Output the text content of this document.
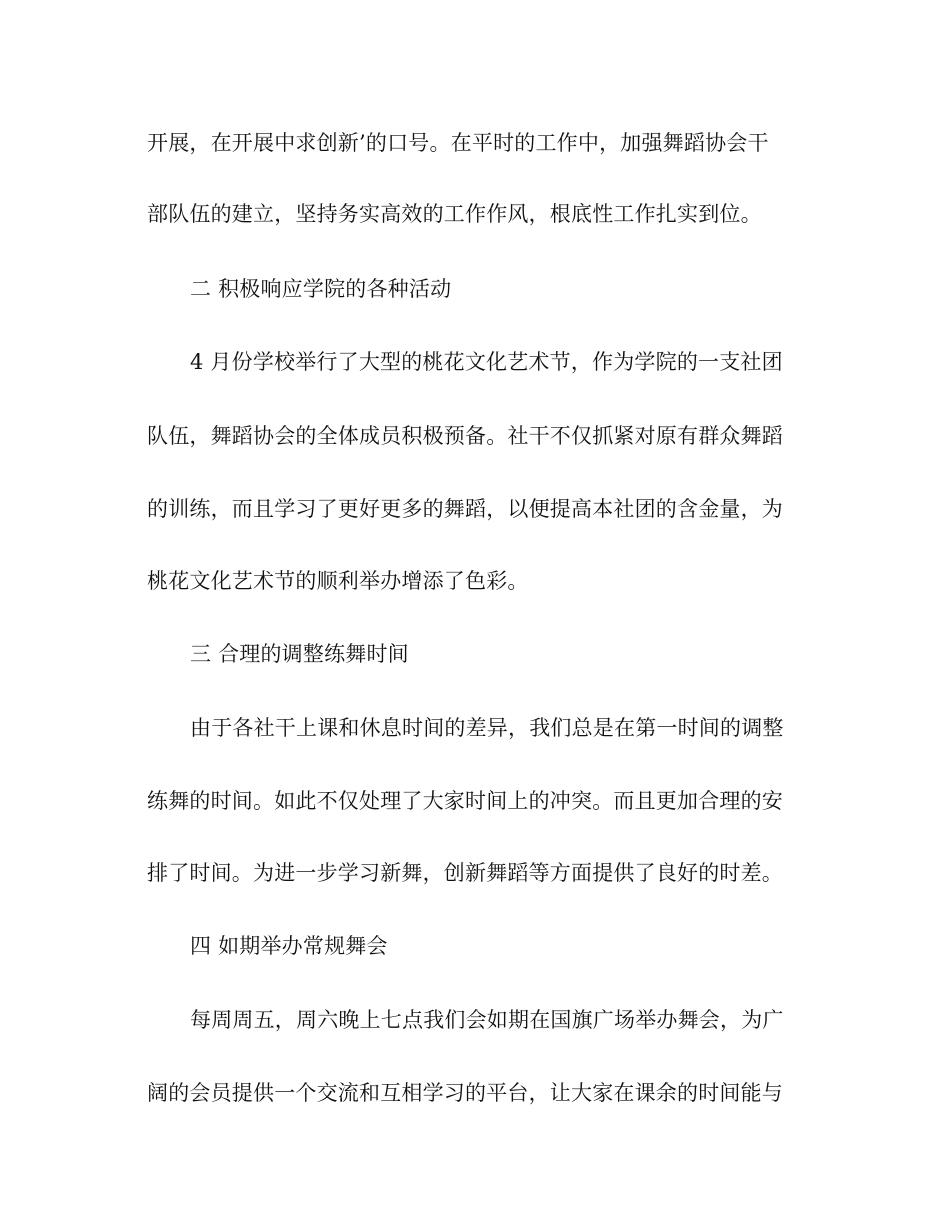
开展，在开展中求创新’的口号。在平时的工作中，加强舞蹈协会干
部队伍的建立，坚持务实高效的工作作风，根底性工作扎实到位。
二 积极响应学院的各种活动
4 月份学校举行了大型的桃花文化艺术节，作为学院的一支社团
队伍，舞蹈协会的全体成员积极预备。社干不仅抓紧对原有群众舞蹈
的训练，而且学习了更好更多的舞蹈，以便提高本社团的含金量，为
桃花文化艺术节的顺利举办增添了色彩。
三 合理的调整练舞时间
由于各社干上课和休息时间的差异，我们总是在第一时间的调整
练舞的时间。如此不仅处理了大家时间上的冲突。而且更加合理的安
排了时间。为进一步学习新舞，创新舞蹈等方面提供了良好的时差。
四 如期举办常规舞会
每周周五，周六晚上七点我们会如期在国旗广场举办舞会，为广
阔的会员提供一个交流和互相学习的平台，让大家在课余的时间能与
